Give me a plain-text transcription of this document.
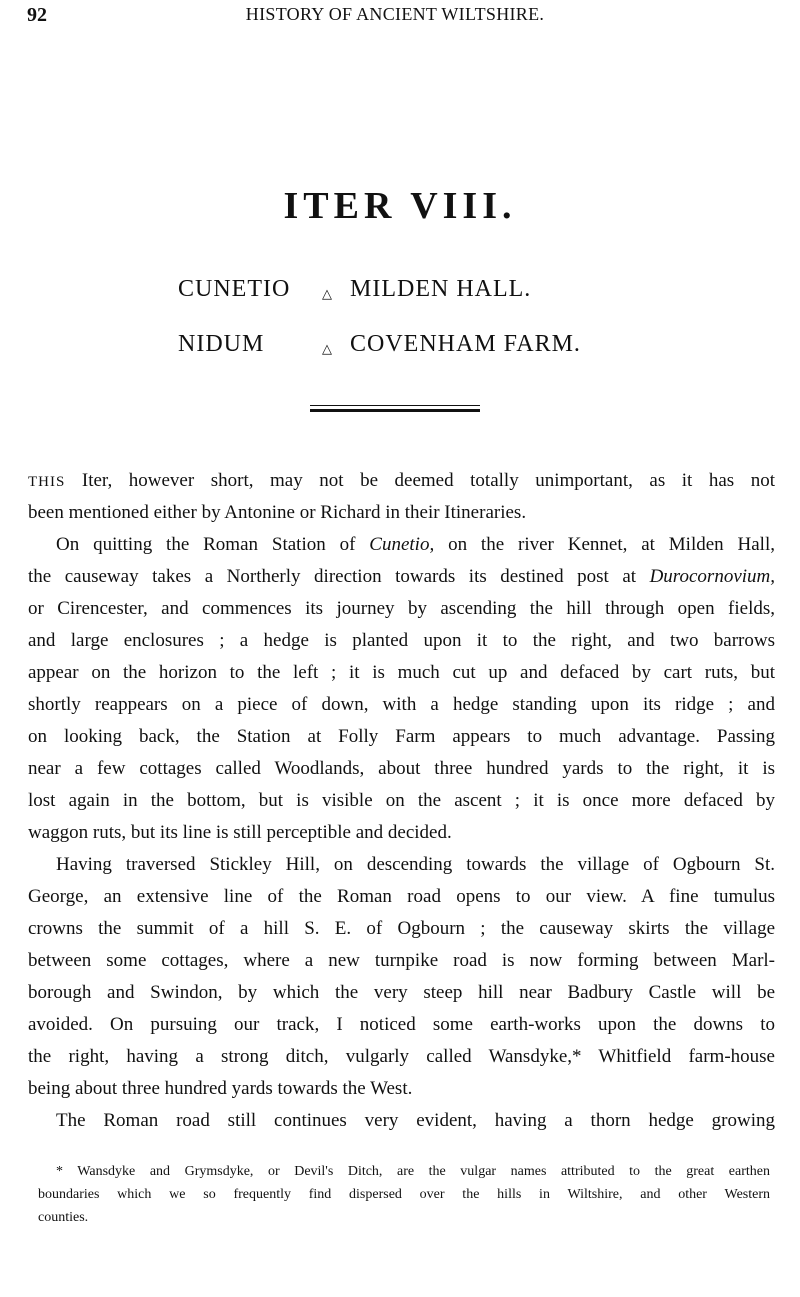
92	HISTORY OF ANCIENT WILTSHIRE.
ITER VIII.
CUNETIO △ MILDEN HALL.
NIDUM	△ COVENHAM FARM.
THIS Iter, however short, may not be deemed totally unimportant, as it has not
been mentioned either by Antonine or Richard in their Itineraries.
On quitting the Roman Station of Cunetio, on the river Kennet, at Milden Hall,
the causeway takes a Northerly direction towards its destined post at Durocornovium,
or Cirencester, and commences its journey by ascending the hill through open fields,
and large enclosures ; a hedge is planted upon it to the right, and two barrows
appear on the horizon to the left ; it is much cut up and defaced by cart ruts, but
shortly reappears on a piece of down, with a hedge standing upon its ridge ; and
on looking back, the Station at Folly Farm appears to much advantage. Passing
near a few cottages called Woodlands, about three hundred yards to the right, it is
lost again in the bottom, but is visible on the ascent ; it is once more defaced by
waggon ruts, but its line is still perceptible and decided.
Having traversed Stickley Hill, on descending towards the village of Ogbourn St.
George, an extensive line of the Roman road opens to our view. A fine tumulus
crowns the summit of a hill S. E. of Ogbourn ; the causeway skirts the village
between some cottages, where a new turnpike road is now forming between Marl-
borough and Swindon, by which the very steep hill near Badbury Castle will be
avoided. On pursuing our track, I noticed some earth-works upon the downs to
the right, having a strong ditch, vulgarly called Wansdyke,* Whitfield farm-house
being about three hundred yards towards the West.
The Roman road still continues very evident, having a thorn hedge growing
* Wansdyke and Grymsdyke, or Devil's Ditch, are the vulgar names attributed to the great earthen
boundaries which we so frequently find dispersed over the hills in Wiltshire, and other Western
counties.
